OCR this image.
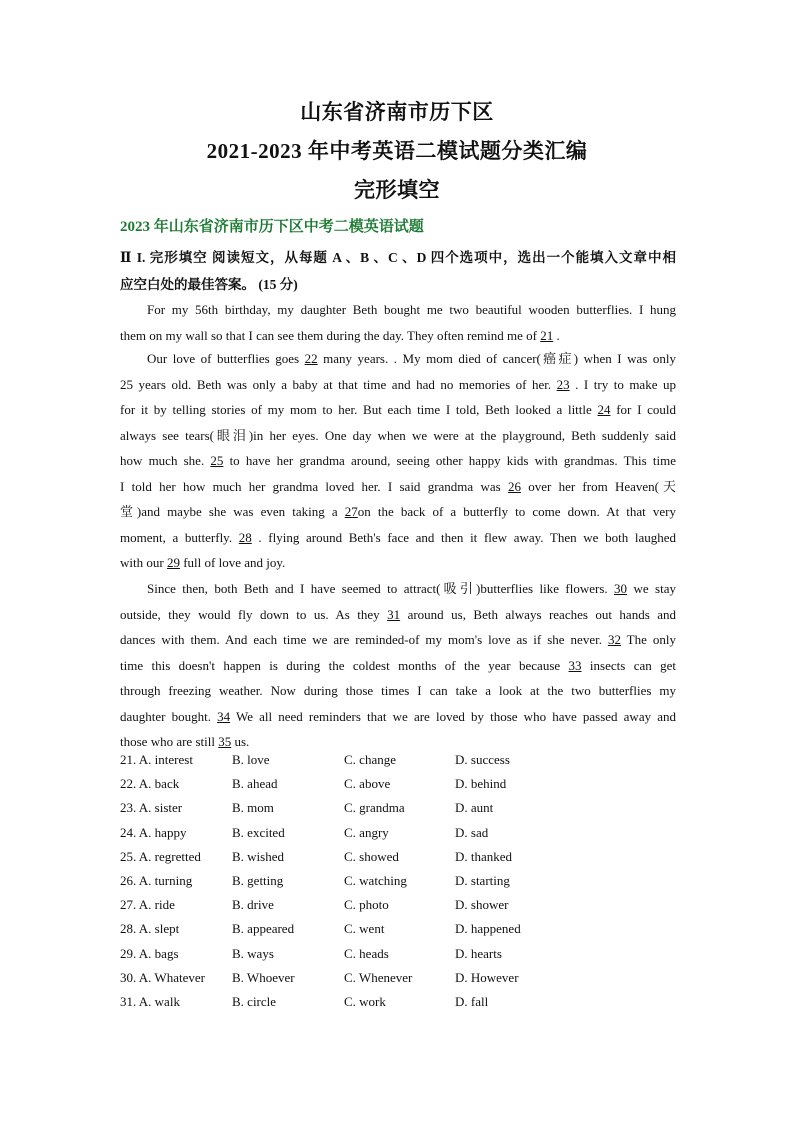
山东省济南市历下区
2021-2023 年中考英语二模试题分类汇编
完形填空
2023 年山东省济南市历下区中考二模英语试题
Ⅱ I. 完形填空 阅读短文，从每题 A 、B 、C 、D 四个选项中，选出一个能填入文章中相
应空白处的最佳答案。 (15 分)
For my 56th birthday, my daughter Beth bought me two beautiful wooden butterflies. I hung
them on my wall so that I can see them during the day. They often remind me of 21 .
Our love of butterflies goes 22 many years. . My mom died of cancer(癌症) when I was only
25 years old. Beth was only a baby at that time and had no memories of her. 23 . I try to make up
for it by telling stories of my mom to her. But each time I told, Beth looked a little 24 for I could
always see tears(眼泪)in her eyes. One day when we were at the playground, Beth suddenly said
how much she. 25 to have her grandma around, seeing other happy kids with grandmas. This time
I told her how much her grandma loved her. I said grandma was 26 over her from Heaven(天
堂)and maybe she was even taking a 27on the back of a butterfly to come down. At that very
moment, a butterfly. 28 . flying around Beth's face and then it flew away. Then we both laughed
with our 29 full of love and joy.
Since then, both Beth and I have seemed to attract(吸引)butterflies like flowers. 30 we stay
outside, they would fly down to us. As they 31 around us, Beth always reaches out hands and
dances with them. And each time we are reminded-of my mom's love as if she never. 32 The only
time this doesn't happen is during the coldest months of the year because 33 insects can get
through freezing weather. Now during those times I can take a look at the two butterflies my
daughter bought. 34 We all need reminders that we are loved by those who have passed away and
those who are still 35 us.
21. A. interest	B. love	C. change	D. success
22. A. back	B. ahead	C. above	D. behind
23. A. sister	B. mom	C. grandma	D. aunt
24. A. happy	B. excited	C. angry	D. sad
25. A. regretted B. wished	C. showed	D. thanked
26. A. turning	B. getting	C. watching	D. starting
27. A. ride	B. drive	C. photo	D. shower
28. A. slept	B. appeared	C. went	D. happened
29. A. bags	B. ways	C. heads	D. hearts
30. A. Whatever B. Whoever	C. Whenever	D. However
31. A. walk	B. circle	C. work	D. fall
